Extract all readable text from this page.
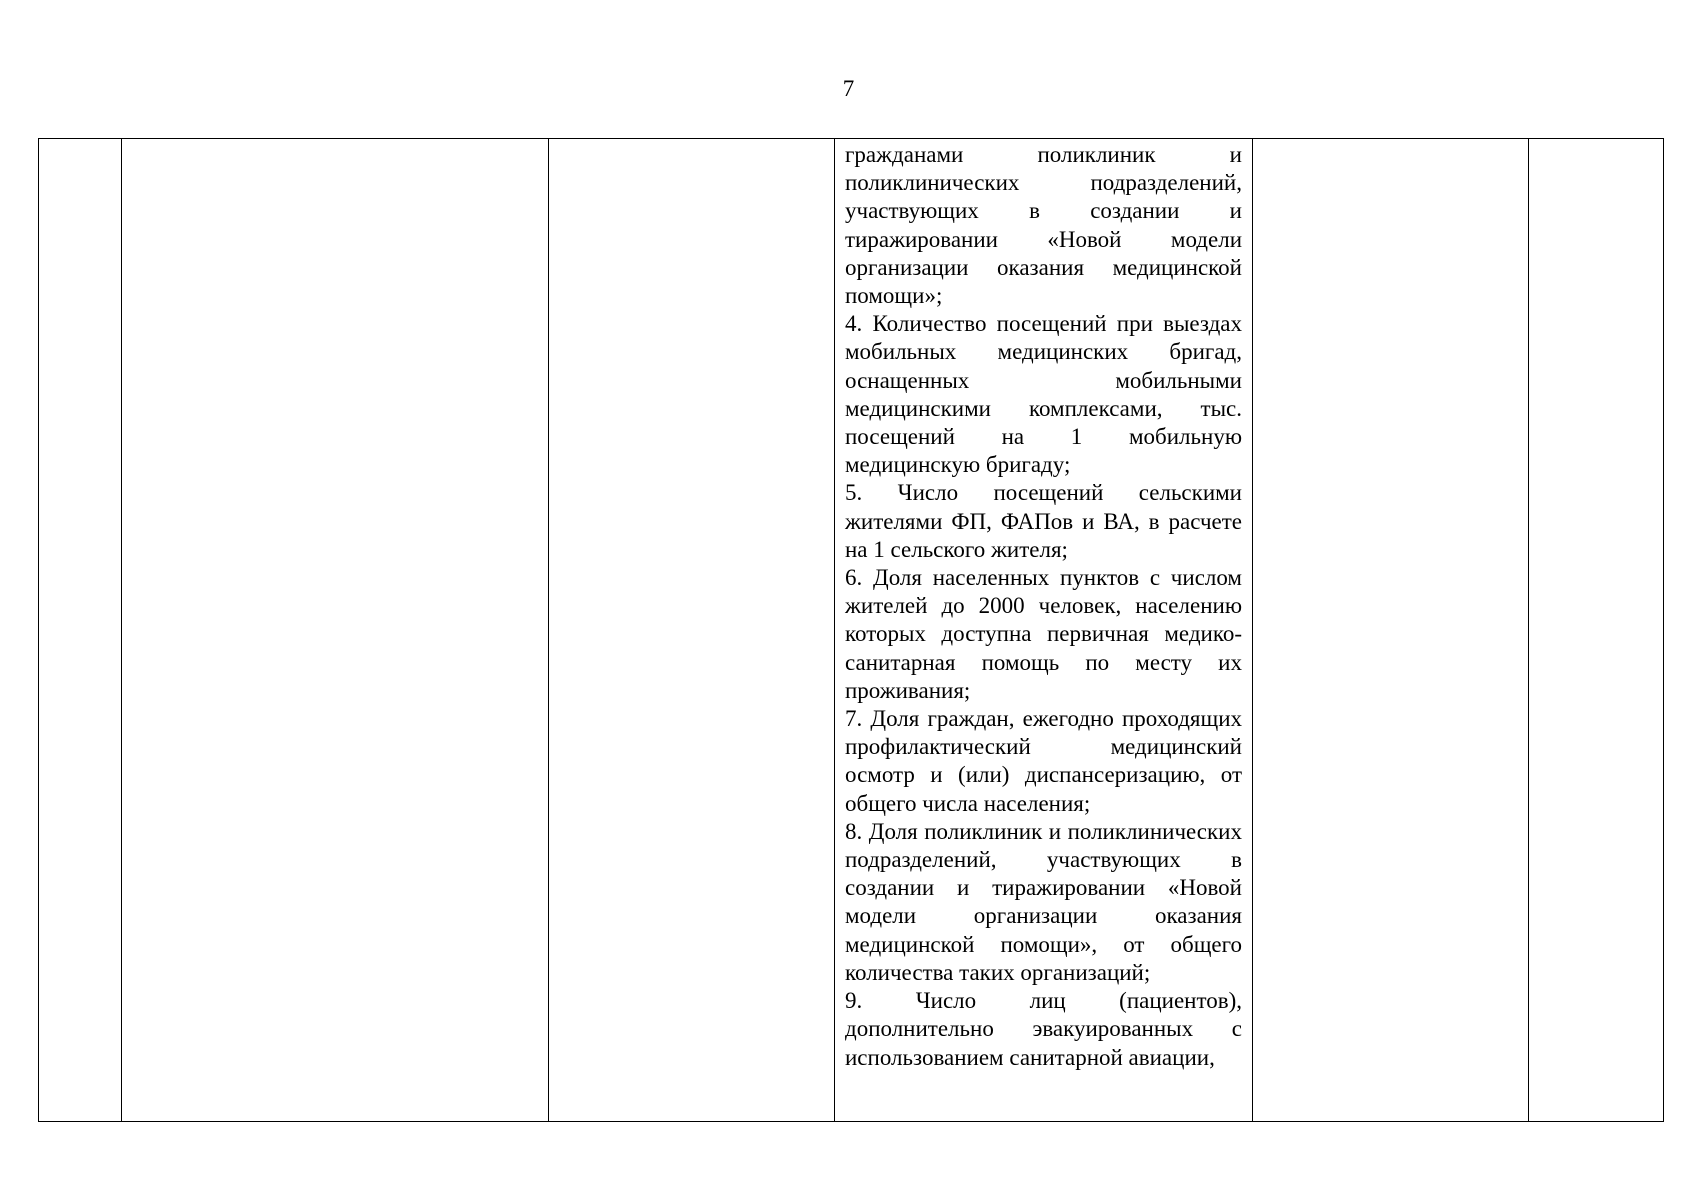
7

гражданами поликлиник и поликлинических подразделений, участвующих в создании и тиражировании «Новой модели организации оказания медицинской помощи»;

4. Количество посещений при выездах мобильных медицинских бригад, оснащенных мобильными медицинскими комплексами, тыс. посещений на 1 мобильную медицинскую бригаду;

5. Число посещений сельскими жителями ФП, ФАПов и ВА, в расчете на 1 сельского жителя;

6. Доля населенных пунктов с числом жителей до 2000 человек, населению которых доступна первичная медико-санитарная помощь по месту их проживания;

7. Доля граждан, ежегодно проходящих профилактический медицинский осмотр и (или) диспансеризацию, от общего числа населения;

8. Доля поликлиник и поликлинических подразделений, участвующих в создании и тиражировании «Новой модели организации оказания медицинской помощи», от общего количества таких организаций;

9. Число лиц (пациентов), дополнительно эвакуированных с использованием санитарной авиации,
